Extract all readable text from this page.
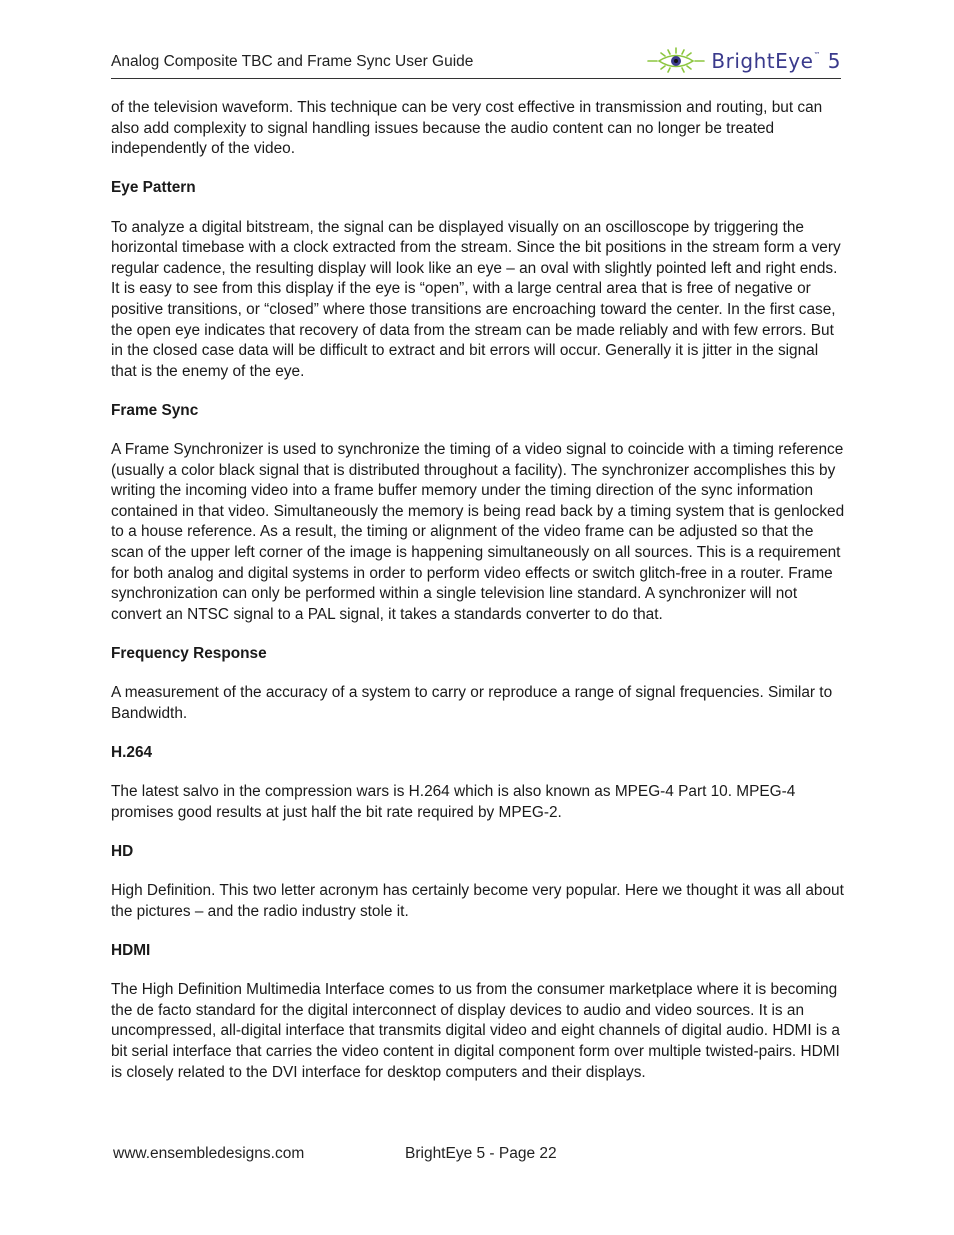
Analog Composite TBC and Frame Sync User Guide	BrightEye™ 5

of the television waveform. This technique can be very cost effective in transmission and routing, but can also add complexity to signal handling issues because the audio content can no longer be treated independently of the video.

Eye Pattern

To analyze a digital bitstream, the signal can be displayed visually on an oscilloscope by triggering the horizontal timebase with a clock extracted from the stream. Since the bit positions in the stream form a very regular cadence, the resulting display will look like an eye – an oval with slightly pointed left and right ends. It is easy to see from this display if the eye is “open”, with a large central area that is free of negative or positive transitions, or “closed” where those transitions are encroaching toward the center. In the first case, the open eye indicates that recovery of data from the stream can be made reliably and with few errors. But in the closed case data will be difficult to extract and bit errors will occur. Generally it is jitter in the signal that is the enemy of the eye.

Frame Sync

A Frame Synchronizer is used to synchronize the timing of a video signal to coincide with a timing reference (usually a color black signal that is distributed throughout a facility). The synchronizer accomplishes this by writing the incoming video into a frame buffer memory under the timing direction of the sync information contained in that video. Simultaneously the memory is being read back by a timing system that is genlocked to a house reference. As a result, the timing or alignment of the video frame can be adjusted so that the scan of the upper left corner of the image is happening simultaneously on all sources. This is a requirement for both analog and digital systems in order to perform video effects or switch glitch-free in a router. Frame synchronization can only be performed within a single television line standard. A synchronizer will not convert an NTSC signal to a PAL signal, it takes a standards converter to do that.

Frequency Response

A measurement of the accuracy of a system to carry or reproduce a range of signal frequencies. Similar to Bandwidth.

H.264

The latest salvo in the compression wars is H.264 which is also known as MPEG-4 Part 10. MPEG-4 promises good results at just half the bit rate required by MPEG-2.

HD

High Definition. This two letter acronym has certainly become very popular. Here we thought it was all about the pictures – and the radio industry stole it.

HDMI

The High Definition Multimedia Interface comes to us from the consumer marketplace where it is becoming the de facto standard for the digital interconnect of display devices to audio and video sources. It is an uncompressed, all-digital interface that transmits digital video and eight channels of digital audio. HDMI is a bit serial interface that carries the video content in digital component form over multiple twisted-pairs. HDMI is closely related to the DVI interface for desktop computers and their displays.

www.ensembledesigns.com	BrightEye 5 - Page 22
